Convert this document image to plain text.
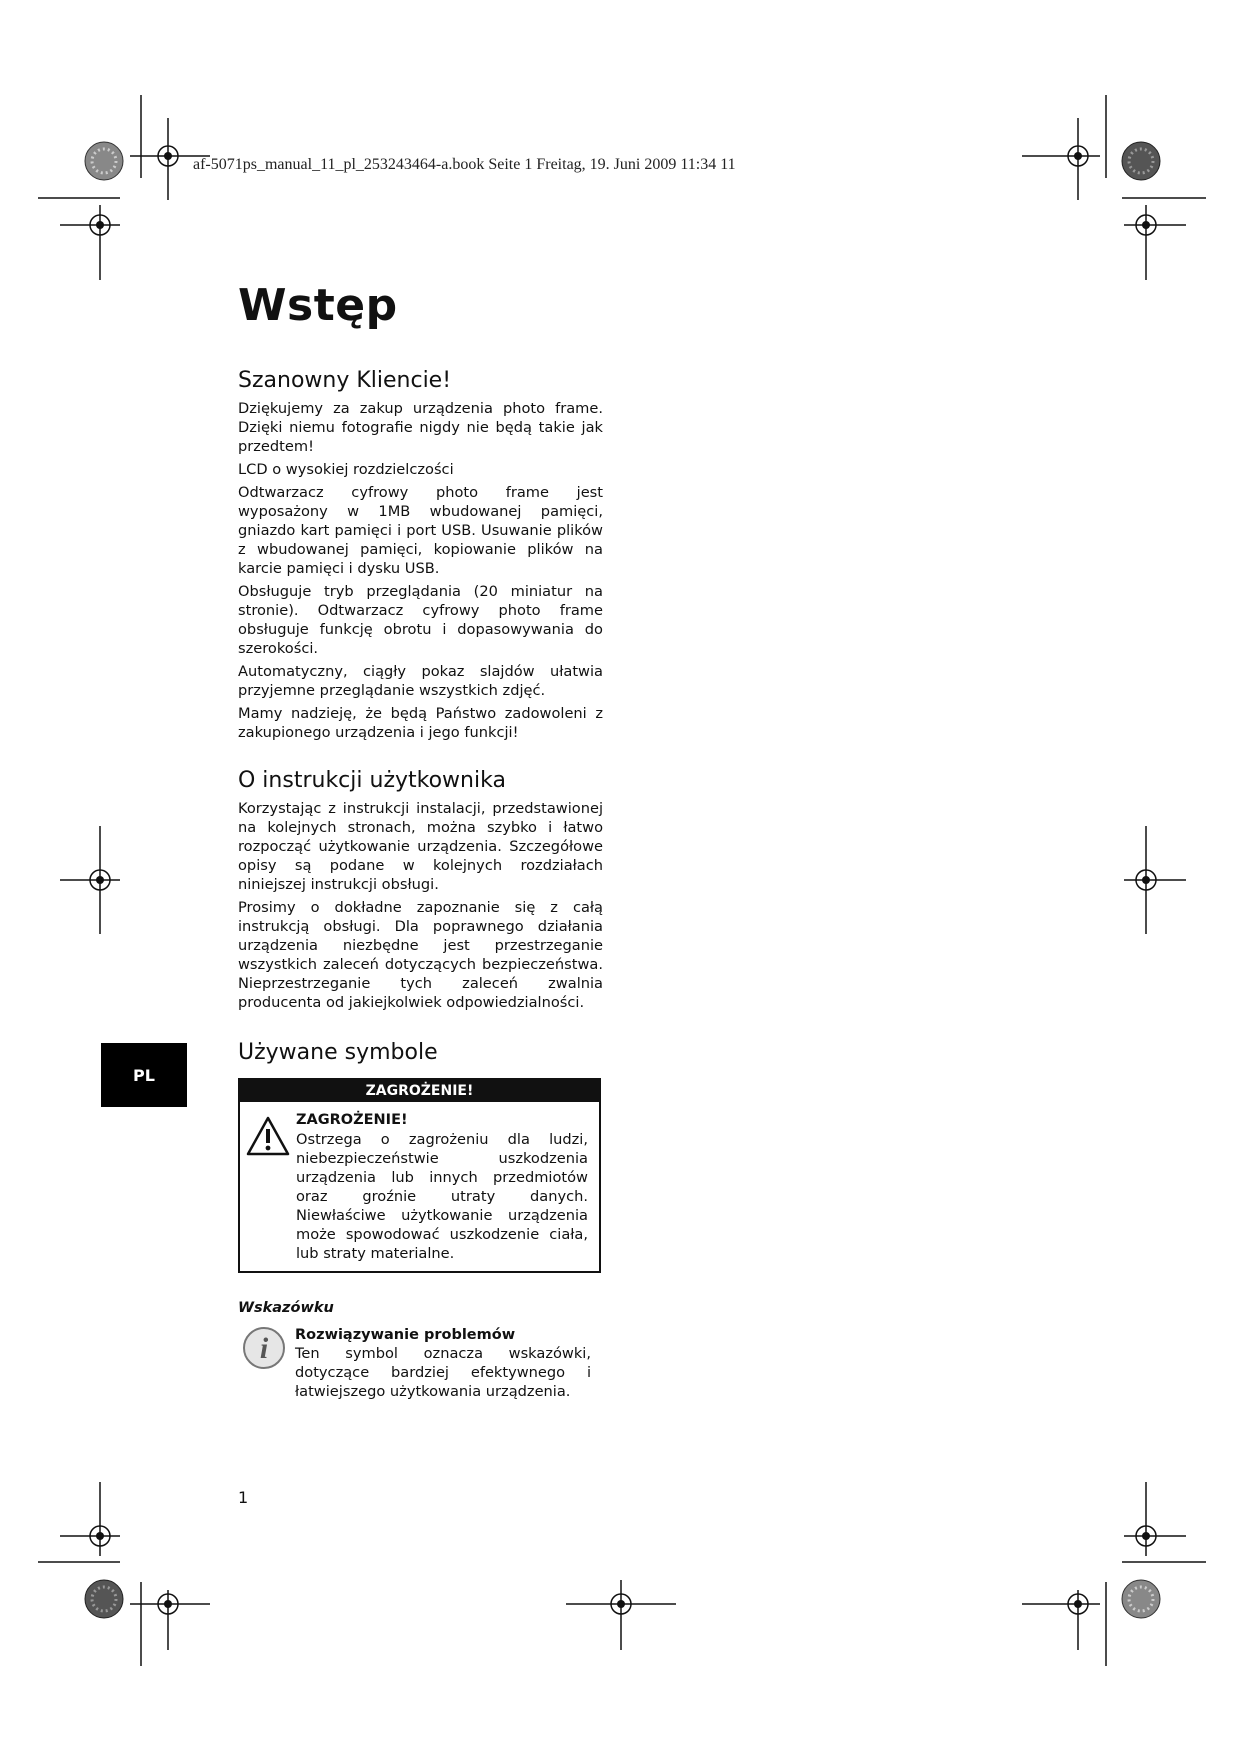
af-5071ps_manual_11_pl_253243464-a.book Seite 1 Freitag, 19. Juni 2009 11:34 11
Wstęp
Szanowny Kliencie!

Dziękujemy za zakup urządzenia photo frame. Dzięki niemu fotografie nigdy nie będą takie jak przedtem!

LCD o wysokiej rozdzielczości

Odtwarzacz cyfrowy photo frame jest wyposażony w 1MB wbudowanej pamięci, gniazdo kart pamięci i port USB. Usuwanie plików z wbudowanej pamięci, kopiowanie plików na karcie pamięci i dysku USB.

Obsługuje tryb przeglądania (20 miniatur na stronie). Odtwarzacz cyfrowy photo frame obsługuje funkcję obrotu i dopasowywania do szerokości.

Automatyczny, ciągły pokaz slajdów ułatwia przyjemne przeglądanie wszystkich zdjęć.

Mamy nadzieję, że będą Państwo zadowoleni z zakupionego urządzenia i jego funkcji!

O instrukcji użytkownika

Korzystając z instrukcji instalacji, przedstawionej na kolejnych stronach, można szybko i łatwo rozpocząć użytkowanie urządzenia. Szczegółowe opisy są podane w kolejnych rozdziałach niniejszej instrukcji obsługi.

Prosimy o dokładne zapoznanie się z całą instrukcją obsługi. Dla poprawnego działania urządzenia niezbędne jest przestrzeganie wszystkich zaleceń dotyczących bezpieczeństwa. Nieprzestrzeganie tych zaleceń zwalnia producenta od jakiejkolwiek odpowiedzialności.

Używane symbole
PL
ZAGROŻENIE!
ZAGROŻENIE!

Ostrzega o zagrożeniu dla ludzi, niebezpieczeństwie uszkodzenia urządzenia lub innych przedmiotów oraz groźnie utraty danych. Niewłaściwe użytkowanie urządzenia może spowodować uszkodzenie ciała, lub straty materialne.

Wskazówku
i Rozwiązywanie problemów

Ten symbol oznacza wskazówki, dotyczące bardziej efektywnego i łatwiejszego użytkowania urządzenia.

1
